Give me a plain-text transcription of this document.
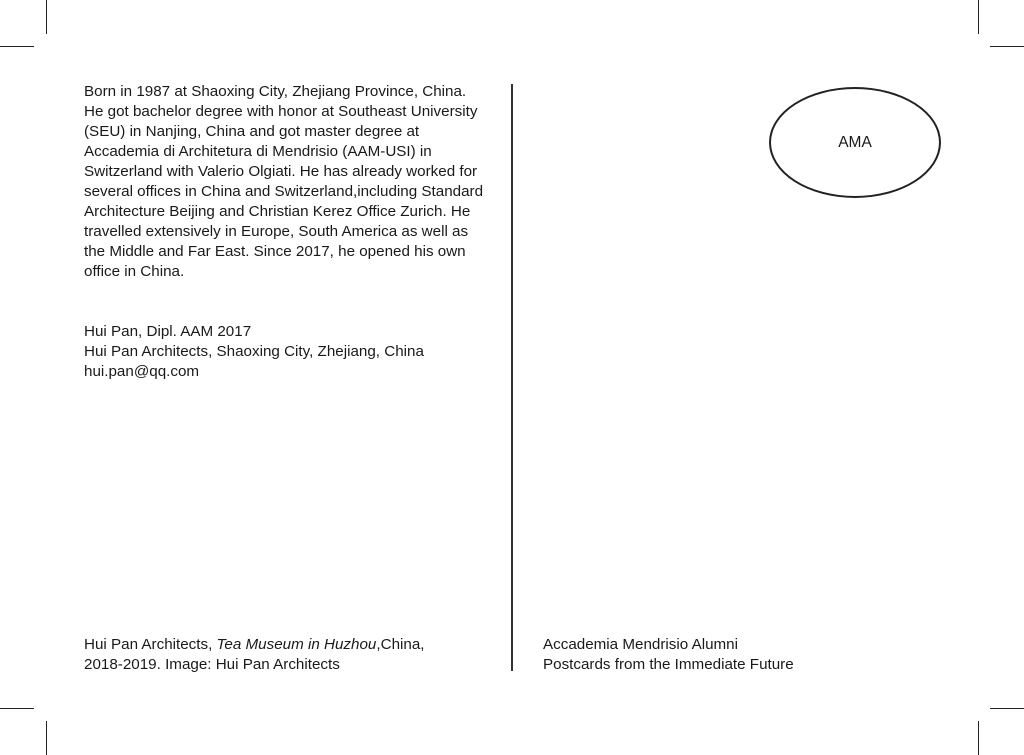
Born in 1987 at Shaoxing City, Zhejiang Province, China. He got bachelor degree with honor at Southeast University (SEU) in Nanjing, China and got master degree at Accademia di Architetura di Mendrisio (AAM-USI) in Switzerland with Valerio Olgiati. He has already worked for several offices in China and Switzerland,including Standard Architecture Beijing and Christian Kerez Office Zurich. He travelled extensively in Europe, South America as well as the Middle and Far East. Since 2017, he opened his own office in China.

Hui Pan, Dipl. AAM 2017
Hui Pan Architects, Shaoxing City, Zhejiang, China
hui.pan@qq.com
AMA
Hui Pan Architects, Tea Museum in Huzhou,China,
2018-2019. Image: Hui Pan Architects
Accademia Mendrisio Alumni
Postcards from the Immediate Future
